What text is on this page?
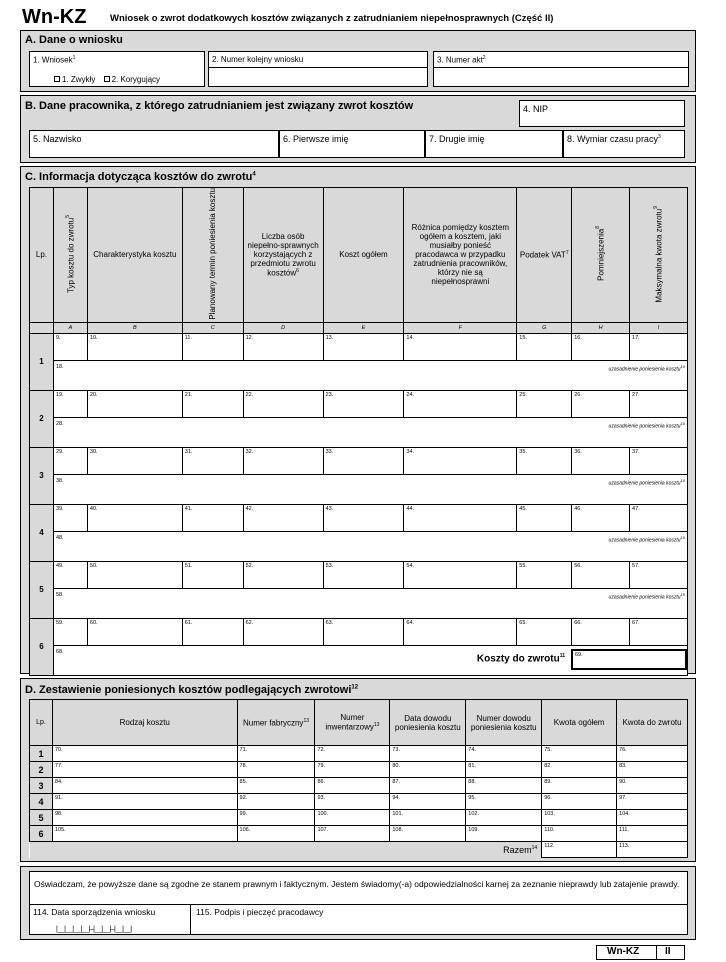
Wn-KZ Wniosek o zwrot dodatkowych kosztów związanych z zatrudnianiem niepełnosprawnych (Część II)
A. Dane o wniosku
1. Wniosek$^1$
1. Zwykły 2. Korygujący
2. Numer kolejny wniosku	3. Numer akt$^2$
B. Dane pracownika, z którego zatrudnianiem jest związany zwrot kosztów	4. NIP
5. Nazwisko	6. Pierwsze imię	7. Drugie imię	8. Wymiar czasu pracy$^3$
C. Informacja dotycząca kosztów do zwrotu$^4$
Lp.	Typ kosztu do zwrotu$^5$	Charakterystyka kosztu	Planowany termin poniesienia kosztu	Liczba osób niepełno-sprawnych korzystających z przedmiotu zwrotu kosztów$^6$	Koszt ogółem	Różnica pomiędzy kosztem ogółem a kosztem, jaki musiałby ponieść pracodawca w przypadku zatrudnienia pracowników, którzy nie są niepełnosprawni	Podatek VAT$^7$	Pomniejszenia$^8$	Maksymalna kwota zwrotu$^9$
	A	B	C	D	E	F	G	H	I
1	9.	10.	11.	12.	13.	14.	15.	16.	17.

	18. uzasadnienie poniesienia kosztu$^{10}$

2	19.	20.	21.	22.	23.	24.	25.	26.	27.

	28. uzasadnienie poniesienia kosztu$^{10}$

3	29.	30.	31.	32.	33.	34.	35.	36.	37.

	38. uzasadnienie poniesienia kosztu$^{10}$

4	39.	40.	41.	42.	43.	44.	45.	46.	47.

	48. uzasadnienie poniesienia kosztu$^{10}$

5	49.	50.	51.	52.	53.	54.	55.	56.	57.

	58. uzasadnienie poniesienia kosztu$^{10}$

6	59.	60.	61.	62.	63.	64.	65.	66.	67.

	68.								
Koszty do zwrotu$^{11}$ 69.
D. Zestawienie poniesionych kosztów podlegających zwrotowi$^{12}$
Lp.	Rodzaj kosztu	Numer fabryczny$^{13}$	Numer inwentarzowy$^{13}$	Data dowodu poniesienia kosztu	Numer dowodu poniesienia kosztu	Kwota ogółem	Kwota do zwrotu
1	70.	71.	72.	73.	74.	75.	76.

2	77.	78.	79.	80.	81.	82.	83.

3	84.	85.	86.	87.	88.	89.	90.

4	91.	92.	93.	94.	95.	96.	97.

5	98.	99.	100.	101.	102.	103.	104.

6	105.	106.	107.	108.	109.	110.	111.

Razem$^{14}$						112.	113.
Oświadczam, że powyższe dane są zgodne ze stanem prawnym i faktycznym. Jestem świadomy(-a) odpowiedzialności karnej za zeznanie nieprawdy lub zatajenie prawdy.
114. Data sporządzenia wniosku
|__|__|__|__|–|__|__|–|__|__|
115. Podpis i pieczęć pracodawcy
Wn-KZ	II
